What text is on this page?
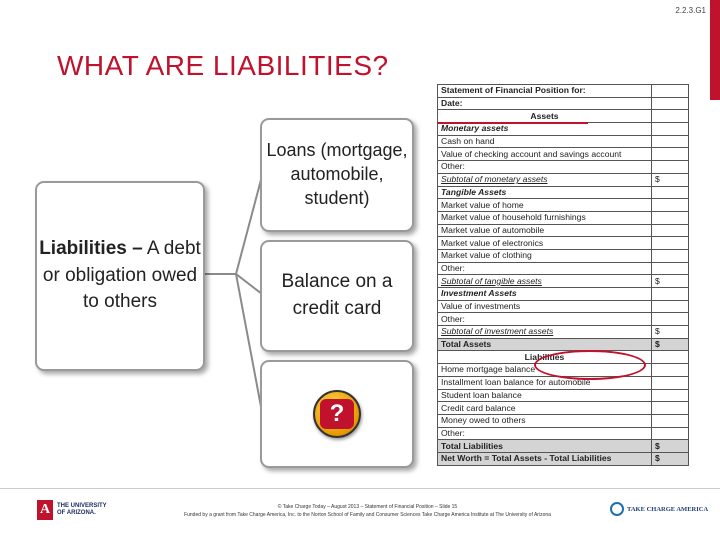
2.2.3.G1
WHAT ARE LIABILITIES?
Liabilities – A debt or obligation owed to others
Loans (mortgage, automobile, student)
Balance on a credit card
?
Statement of Financial Position for:	
Date:	
Assets	
Monetary assets	
Cash on hand	
Value of checking account and savings account	
Other:	
Subtotal of monetary assets	$
Tangible Assets	
Market value of home	
Market value of household furnishings	
Market value of automobile	
Market value of electronics	
Market value of clothing	
Other:	
Subtotal of tangible assets	$
Investment Assets	
Value of investments	
Other:	
Subtotal of investment assets	$
Total Assets	$
Liabilities	
Home mortgage balance	
Installment loan balance for automobile	
Student loan balance	
Credit card balance	
Money owed to others	
Other:	
Total Liabilities	$
Net Worth = Total Assets - Total Liabilities	$
A	THE UNIVERSITY
OF ARIZONA.
© Take Charge Today – August 2013 – Statement of Financial Position – Slide 15
Funded by a grant from Take Charge America, Inc. to the Norton School of Family and Consumer Sciences Take Charge America Institute at The University of Arizona
TAKE CHARGE AMERICA
